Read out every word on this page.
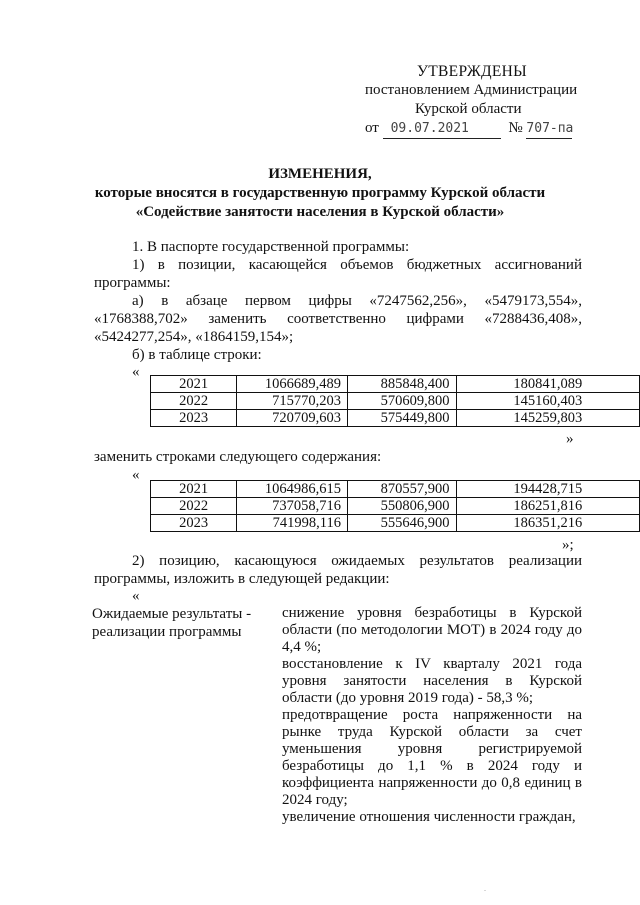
УТВЕРЖДЕНЫ
постановлением Администрации
Курской области
от 09.07.2021	№ 707-па
ИЗМЕНЕНИЯ,
которые вносятся в государственную программу Курской области
«Содействие занятости населения в Курской области»
1. В паспорте государственной программы:
1) в позиции, касающейся объемов бюджетных ассигнований
программы:
а) в абзаце первом цифры «7247562,256», «5479173,554»,
«1768388,702» заменить соответственно цифрами «7288436,408»,
«5424277,254», «1864159,154»;
б) в таблице строки:
«
2021	1066689,489	885848,400	180841,089
2022	715770,203	570609,800	145160,403
2023	720709,603	575449,800	145259,803
»
заменить строками следующего содержания:
«
2021	1064986,615	870557,900	194428,715
2022	737058,716	550806,900	186251,816
2023	741998,116	555646,900	186351,216
»;
2) позицию, касающуюся ожидаемых результатов реализации
программы, изложить в следующей редакции:
«
Ожидаемые результаты -
реализации программы
снижение уровня безработицы в Курской области (по методологии МОТ) в 2024 году до 4,4 %;
восстановление к IV кварталу 2021 года уровня занятости населения в Курской области (до уровня 2019 года) - 58,3 %;
предотвращение роста напряженности на рынке труда Курской области за счет уменьшения уровня регистрируемой безработицы до 1,1 % в 2024 году и коэффициента напряженности до 0,8 единиц в 2024 году;
увеличение отношения численности граждан,
.
